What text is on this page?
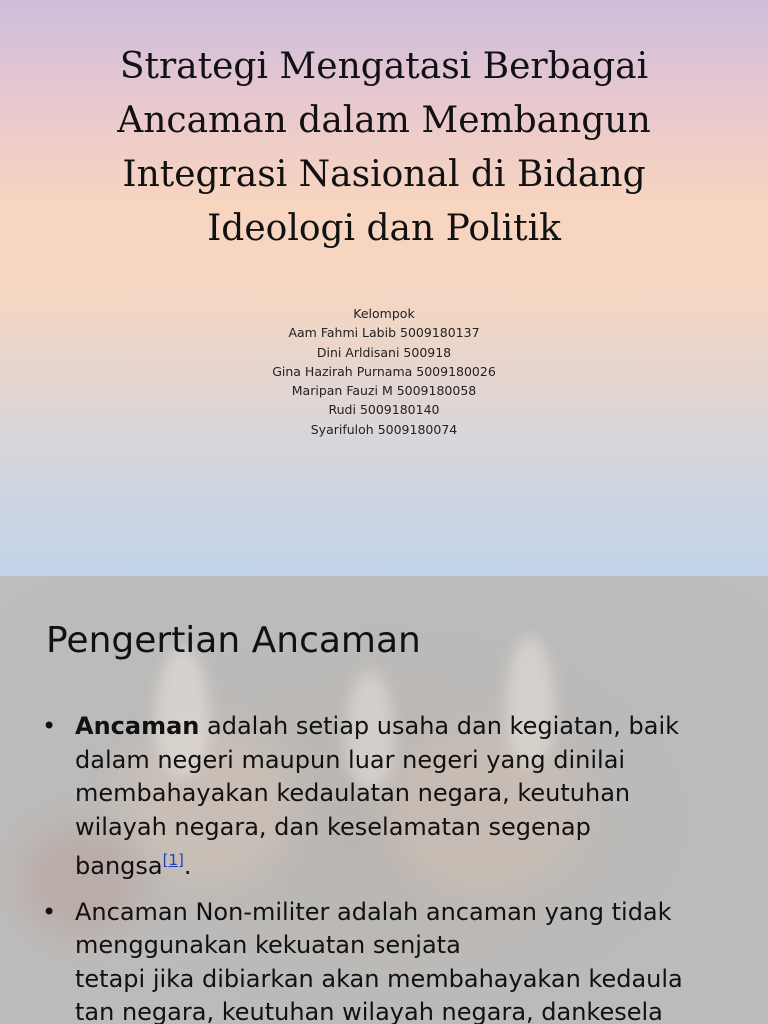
Strategi Mengatasi Berbagai
Ancaman dalam Membangun
Integrasi Nasional di Bidang
Ideologi dan Politik
Kelompok
Aam Fahmi Labib 5009180137
Dini Arldisani 500918
Gina Hazirah Purnama 5009180026
Maripan Fauzi M 5009180058
Rudi 5009180140
Syarifuloh 5009180074
Pengertian Ancaman
• Ancaman adalah setiap usaha dan kegiatan, baik
dalam negeri maupun luar negeri yang dinilai
membahayakan kedaulatan negara, keutuhan
wilayah negara, dan keselamatan segenap
bangsa[1].
• Ancaman Non-militer adalah ancaman yang tidak
menggunakan kekuatan senjata
tetapi jika dibiarkan akan membahayakan kedaula
tan negara, keutuhan wilayah negara, dankesela
